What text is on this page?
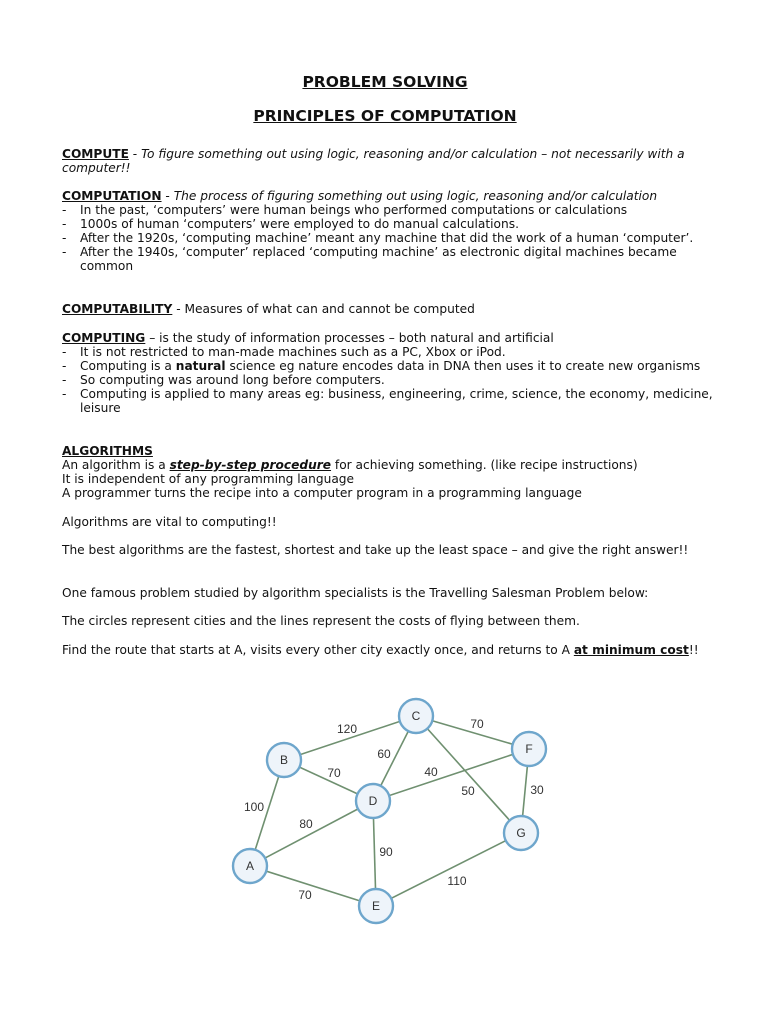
PROBLEM SOLVING
PRINCIPLES OF COMPUTATION

COMPUTE - To figure something out using logic, reasoning and/or calculation – not necessarily with a computer!!

COMPUTATION - The process of figuring something out using logic, reasoning and/or calculation

- In the past, ‘computers’ were human beings who performed computations or calculations
- 1000s of human ‘computers’ were employed to do manual calculations.
- After the 1920s, ‘computing machine’ meant any machine that did the work of a human ‘computer’.
- After the 1940s, ‘computer’ replaced ‘computing machine’ as electronic digital machines became common

COMPUTABILITY - Measures of what can and cannot be computed

COMPUTING – is the study of information processes – both natural and artificial

- It is not restricted to man-made machines such as a PC, Xbox or iPod.
- Computing is a natural science eg nature encodes data in DNA then uses it to create new organisms
- So computing was around long before computers.
- Computing is applied to many areas eg: business, engineering, crime, science, the economy, medicine, leisure

ALGORITHMS

An algorithm is a step-by-step procedure for achieving something. (like recipe instructions)

It is independent of any programming language

A programmer turns the recipe into a computer program in a programming language

Algorithms are vital to computing!!

The best algorithms are the fastest, shortest and take up the least space – and give the right answer!!

One famous problem studied by algorithm specialists is the Travelling Salesman Problem below:

The circles represent cities and the lines represent the costs of flying between them.

Find the route that starts at A, visits every other city exactly once, and returns to A at minimum cost!!

120	70
60
50
70	40
30
100
80
90
110
70
A
B
C
D
E
F
G
